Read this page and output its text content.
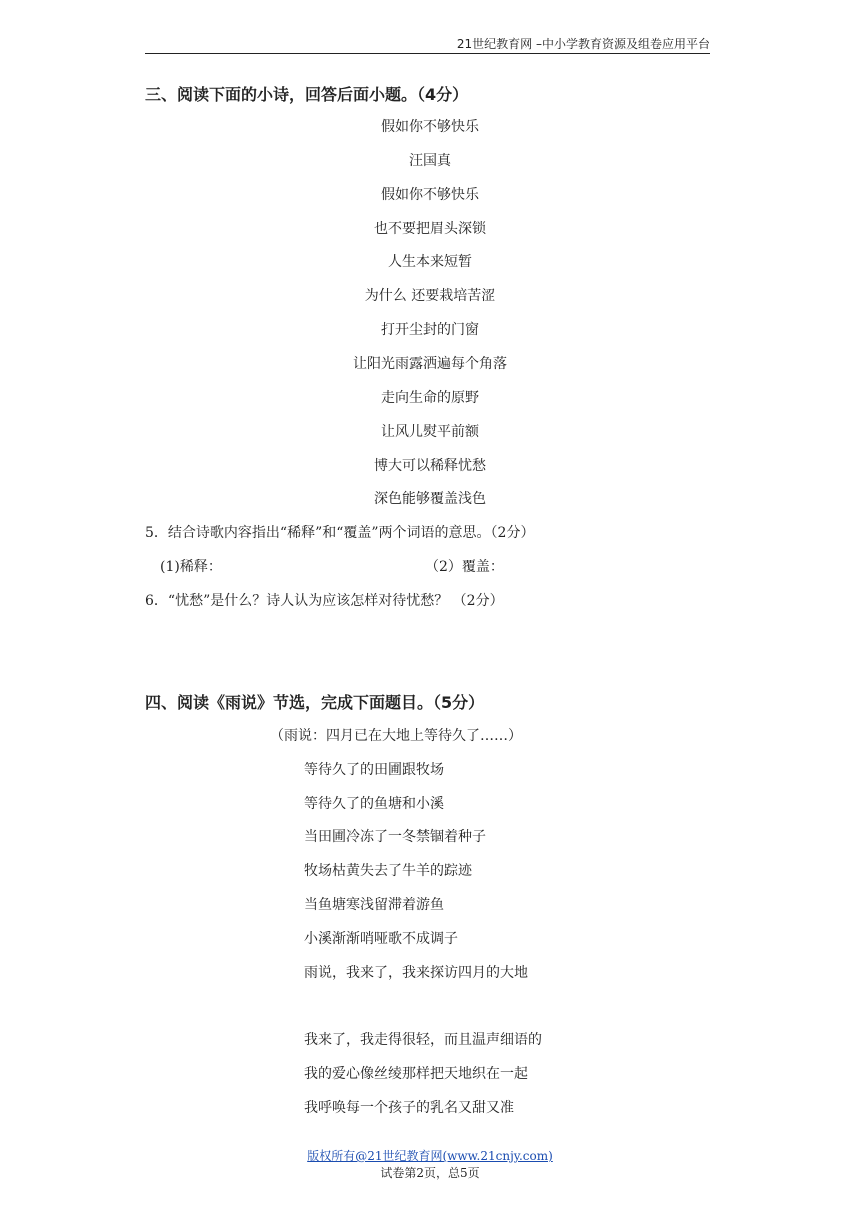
21世纪教育网 –中小学教育资源及组卷应用平台
三、阅读下面的小诗，回答后面小题。（4分）
假如你不够快乐
汪国真
假如你不够快乐
也不要把眉头深锁
人生本来短暂
为什么 还要栽培苦涩
打开尘封的门窗
让阳光雨露洒遍每个角落
走向生命的原野
让风儿熨平前额
博大可以稀释忧愁
深色能够覆盖浅色
5．结合诗歌内容指出“稀释”和“覆盖”两个词语的意思。（2分）
(1)稀释：	（2）覆盖：
6．“忧愁”是什么？诗人认为应该怎样对待忧愁？ （2分）
四、阅读《雨说》节选，完成下面题目。（5分）
（雨说：四月已在大地上等待久了……）
等待久了的田圃跟牧场
等待久了的鱼塘和小溪
当田圃冷冻了一冬禁锢着种子
牧场枯黄失去了牛羊的踪迹
当鱼塘寒浅留滞着游鱼
小溪渐渐哨哑歌不成调子
雨说，我来了，我来探访四月的大地
我来了，我走得很轻，而且温声细语的
我的爱心像丝绫那样把天地织在一起
我呼唤每一个孩子的乳名又甜又准
版权所有@21世纪教育网(www.21cnjy.com)
试卷第2页，总5页
